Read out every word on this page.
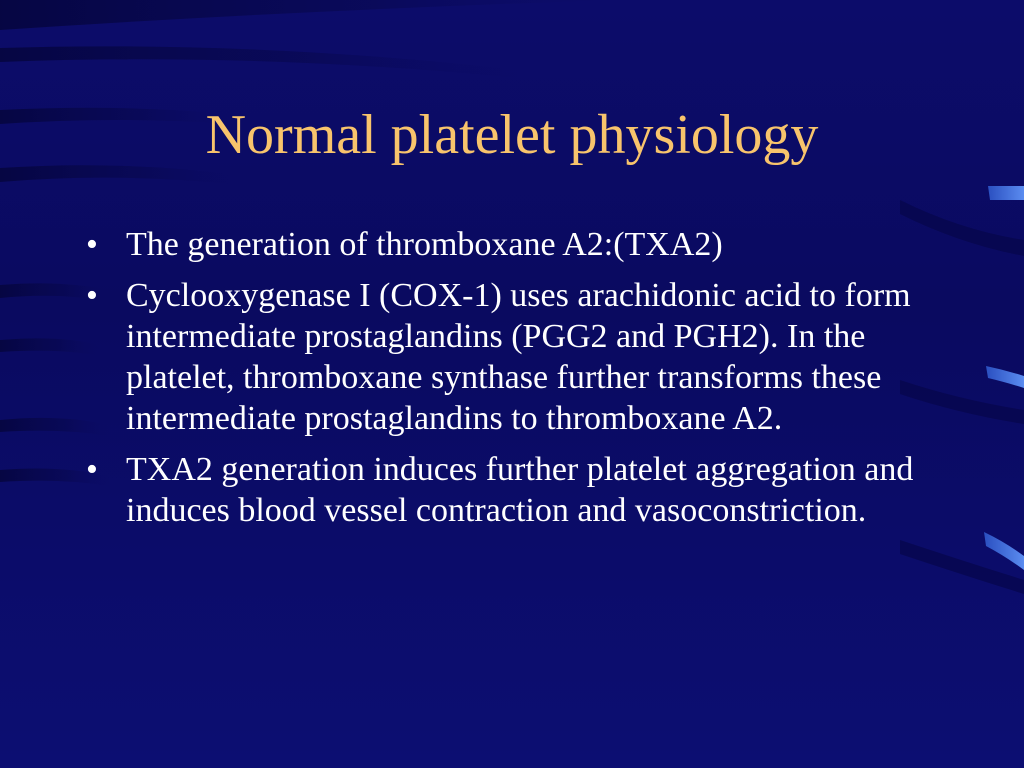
Normal platelet physiology
• The generation of thromboxane A2:(TXA2)
• Cyclooxygenase I (COX-1) uses arachidonic acid to form intermediate prostaglandins (PGG2 and PGH2). In the platelet, thromboxane synthase further transforms these intermediate prostaglandins to thromboxane A2.
• TXA2 generation induces further platelet aggregation and induces blood vessel contraction and vasoconstriction.
